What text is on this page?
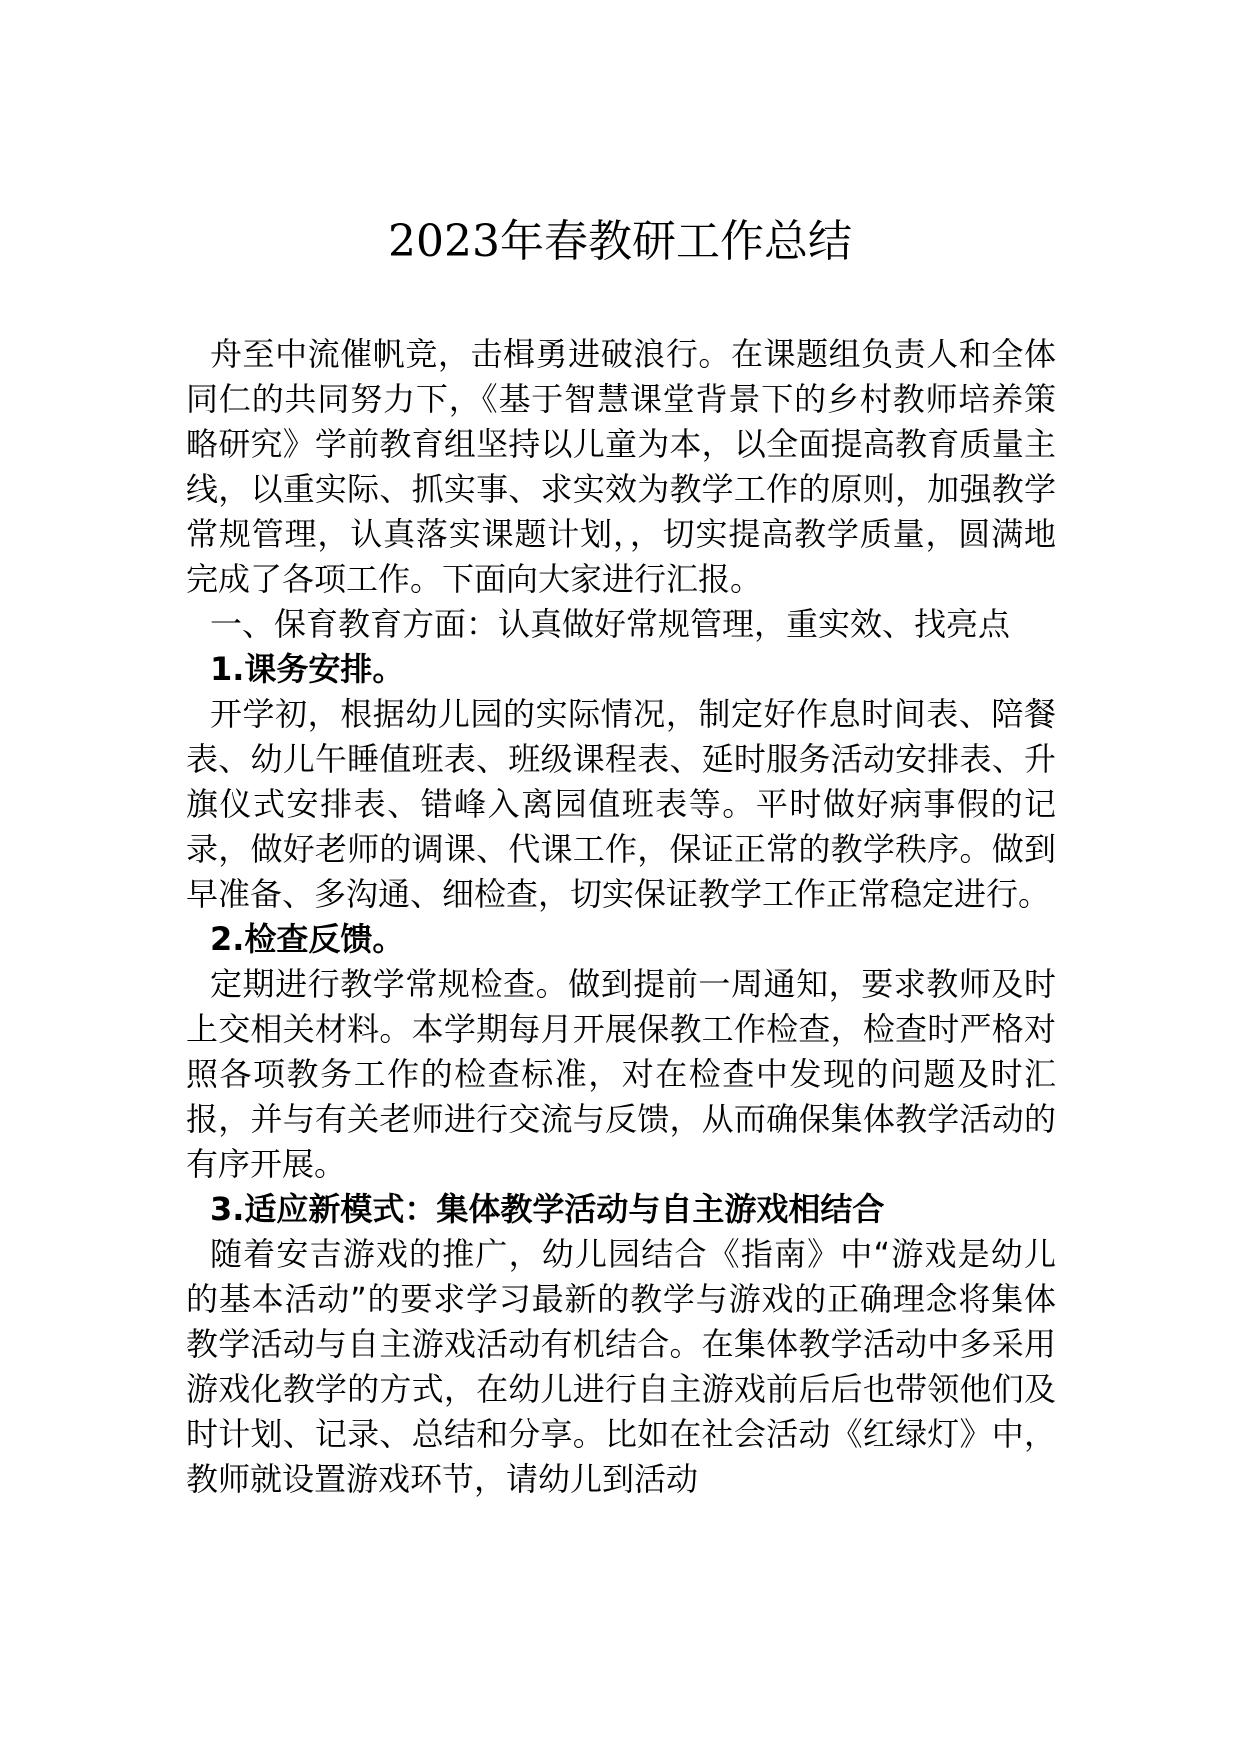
2023年春教研工作总结

舟至中流催帆竞，击楫勇进破浪行。在课题组负责人和全体同仁的共同努力下，《基于智慧课堂背景下的乡村教师培养策略研究》学前教育组坚持以儿童为本，以全面提高教育质量主线，以重实际、抓实事、求实效为教学工作的原则，加强教学常规管理，认真落实课题计划，，切实提高教学质量，圆满地完成了各项工作。下面向大家进行汇报。

一、保育教育方面：认真做好常规管理，重实效、找亮点

1.课务安排。

开学初，根据幼儿园的实际情况，制定好作息时间表、陪餐表、幼儿午睡值班表、班级课程表、延时服务活动安排表、升旗仪式安排表、错峰入离园值班表等。平时做好病事假的记录，做好老师的调课、代课工作，保证正常的教学秩序。做到早准备、多沟通、细检查，切实保证教学工作正常稳定进行。

2.检查反馈。

定期进行教学常规检查。做到提前一周通知，要求教师及时上交相关材料。本学期每月开展保教工作检查，检查时严格对照各项教务工作的检查标准，对在检查中发现的问题及时汇报，并与有关老师进行交流与反馈，从而确保集体教学活动的有序开展。

3.适应新模式：集体教学活动与自主游戏相结合

随着安吉游戏的推广，幼儿园结合《指南》中“游戏是幼儿的基本活动”的要求学习最新的教学与游戏的正确理念将集体教学活动与自主游戏活动有机结合。在集体教学活动中多采用游戏化教学的方式，在幼儿进行自主游戏前后后也带领他们及时计划、记录、总结和分享。比如在社会活动《红绿灯》中，教师就设置游戏环节，请幼儿到活动
